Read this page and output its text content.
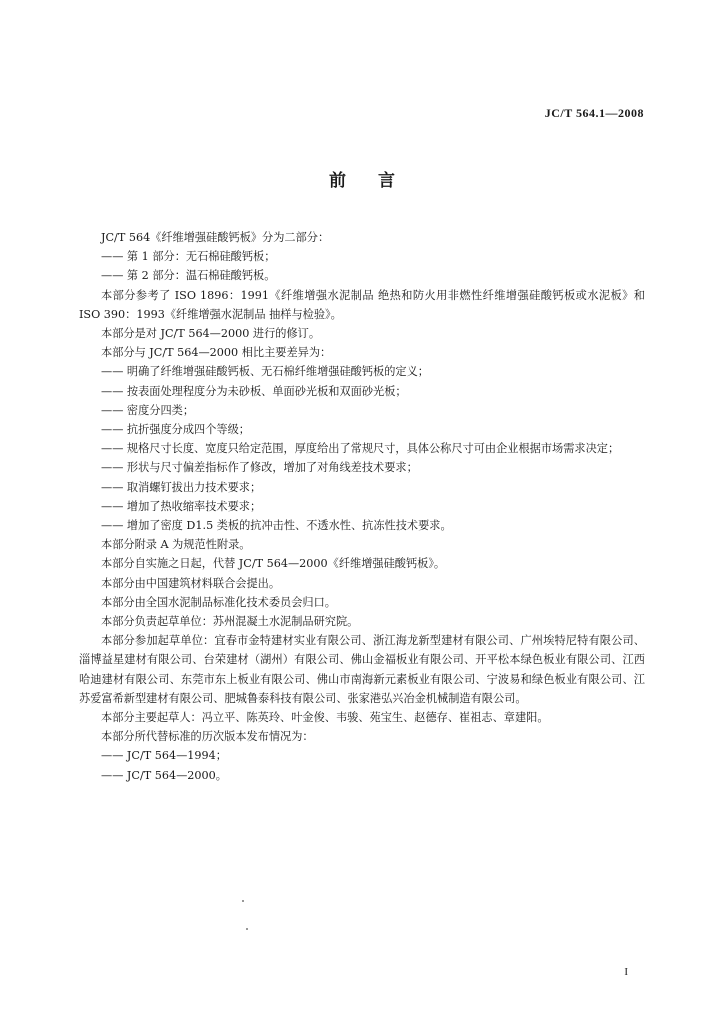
JC/T 564.1—2008
前言

JC/T 564《纤维增强硅酸钙板》分为二部分：

—— 第 1 部分：无石棉硅酸钙板；

—— 第 2 部分：温石棉硅酸钙板。

本部分参考了 ISO 1896：1991《纤维增强水泥制品 绝热和防火用非燃性纤维增强硅酸钙板或水泥板》和 ISO 390：1993《纤维增强水泥制品 抽样与检验》。

本部分是对 JC/T 564—2000 进行的修订。

本部分与 JC/T 564—2000 相比主要差异为：

—— 明确了纤维增强硅酸钙板、无石棉纤维增强硅酸钙板的定义；

—— 按表面处理程度分为未砂板、单面砂光板和双面砂光板；

—— 密度分四类；

—— 抗折强度分成四个等级；

—— 规格尺寸长度、宽度只给定范围，厚度给出了常规尺寸，具体公称尺寸可由企业根据市场需求决定；

—— 形状与尺寸偏差指标作了修改，增加了对角线差技术要求；

—— 取消螺钉拔出力技术要求；

—— 增加了热收缩率技术要求；

—— 增加了密度 D1.5 类板的抗冲击性、不透水性、抗冻性技术要求。

本部分附录 A 为规范性附录。

本部分自实施之日起，代替 JC/T 564—2000《纤维增强硅酸钙板》。

本部分由中国建筑材料联合会提出。

本部分由全国水泥制品标准化技术委员会归口。

本部分负责起草单位：苏州混凝土水泥制品研究院。

本部分参加起草单位：宜春市金特建材实业有限公司、浙江海龙新型建材有限公司、广州埃特尼特有限公司、淄博益星建材有限公司、台荣建材（湖州）有限公司、佛山金福板业有限公司、开平松本绿色板业有限公司、江西哈迪建材有限公司、东莞市东上板业有限公司、佛山市南海新元素板业有限公司、宁波易和绿色板业有限公司、江苏爱富希新型建材有限公司、肥城鲁泰科技有限公司、张家港弘兴冶金机械制造有限公司。

本部分主要起草人：冯立平、陈英玲、叶金俊、韦骏、苑宝生、赵德存、崔祖志、章建阳。

本部分所代替标准的历次版本发布情况为：

—— JC/T 564—1994；

—— JC/T 564—2000。

I
